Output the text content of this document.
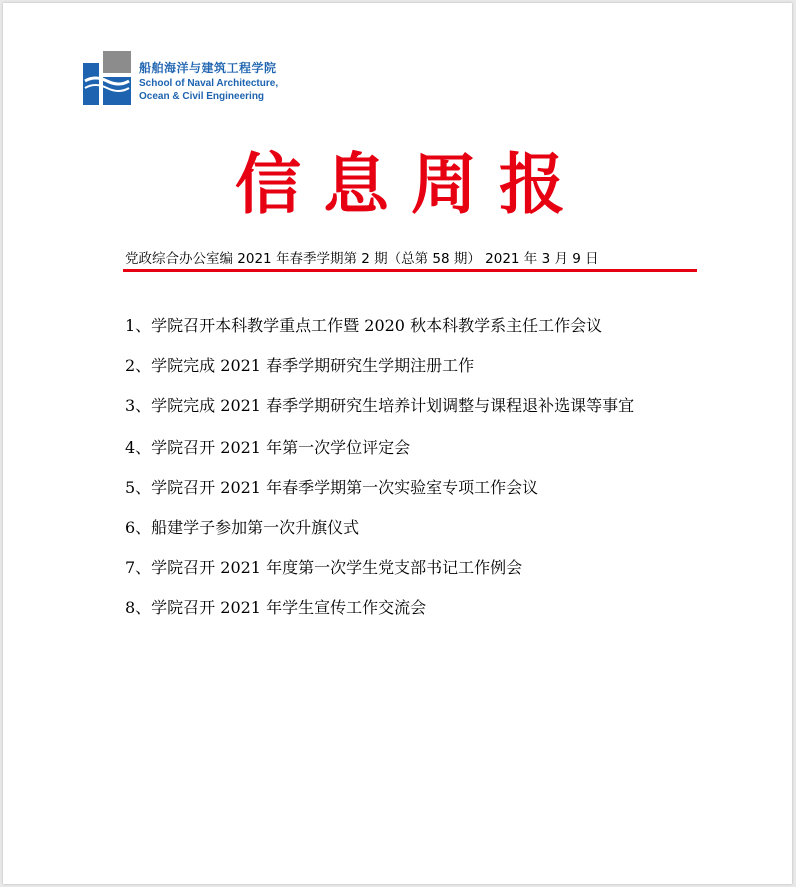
船舶海洋与建筑工程学院
School of Naval Architecture,
Ocean & Civil Engineering
信息周报
党政综合办公室编 2021 年春季学期第 2 期（总第 58 期） 2021 年 3 月 9 日
1、学院召开本科教学重点工作暨 2020 秋本科教学系主任工作会议
2、学院完成 2021 春季学期研究生学期注册工作
3、学院完成 2021 春季学期研究生培养计划调整与课程退补选课等事宜
4、学院召开 2021 年第一次学位评定会
5、学院召开 2021 年春季学期第一次实验室专项工作会议
6、船建学子参加第一次升旗仪式
7、学院召开 2021 年度第一次学生党支部书记工作例会
8、学院召开 2021 年学生宣传工作交流会
